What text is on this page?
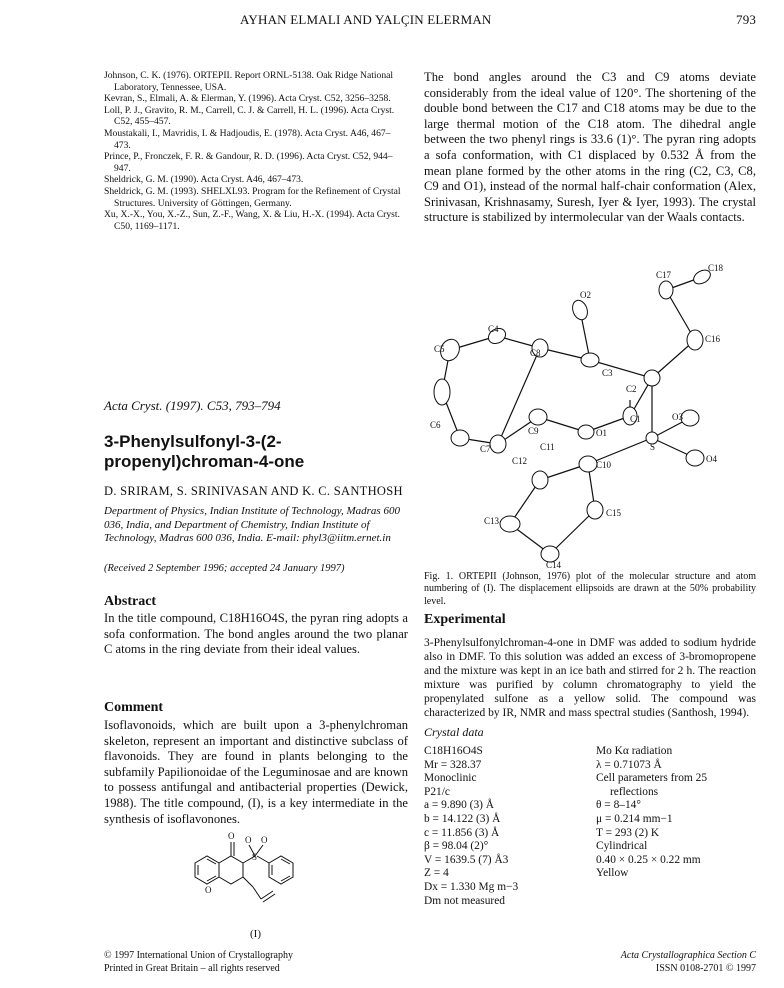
AYHAN ELMALI AND YALÇIN ELERMAN	793
Johnson, C. K. (1976). ORTEPII. Report ORNL-5138. Oak Ridge National Laboratory, Tennessee, USA.
Kevran, S., Elmali, A. & Elerman, Y. (1996). Acta Cryst. C52, 3256–3258.
Loll, P. J., Gravito, R. M., Carrell, C. J. & Carrell, H. L. (1996). Acta Cryst. C52, 455–457.
Moustakali, I., Mavridis, I. & Hadjoudis, E. (1978). Acta Cryst. A46, 467–473.
Prince, P., Fronczek, F. R. & Gandour, R. D. (1996). Acta Cryst. C52, 944–947.
Sheldrick, G. M. (1990). Acta Cryst. A46, 467–473.
Sheldrick, G. M. (1993). SHELXL93. Program for the Refinement of Crystal Structures. University of Göttingen, Germany.
Xu, X.-X., You, X.-Z., Sun, Z.-F., Wang, X. & Liu, H.-X. (1994). Acta Cryst. C50, 1169–1171.
The bond angles around the C3 and C9 atoms deviate considerably from the ideal value of 120°. The shortening of the double bond between the C17 and C18 atoms may be due to the large thermal motion of the C18 atom. The dihedral angle between the two phenyl rings is 33.6 (1)°. The pyran ring adopts a sofa conformation, with C1 displaced by 0.532 Å from the mean plane formed by the other atoms in the ring (C2, C3, C8, C9 and O1), instead of the normal half-chair conformation (Alex, Srinivasan, Krishnasamy, Suresh, Iyer & Iyer, 1993). The crystal structure is stabilized by intermolecular van der Waals contacts.
Acta Cryst. (1997). C53, 793–794
3-Phenylsulfonyl-3-(2-propenyl)chroman-4-one
D. SRIRAM, S. SRINIVASAN AND K. C. SANTHOSH
Department of Physics, Indian Institute of Technology, Madras 600 036, India, and Department of Chemistry, Indian Institute of Technology, Madras 600 036, India. E-mail: phyl3@iitm.ernet.in
(Received 2 September 1996; accepted 24 January 1997)
Abstract
In the title compound, C18H16O4S, the pyran ring adopts a sofa conformation. The bond angles around the two planar C atoms in the ring deviate from their ideal values.
Comment
Isoflavonoids, which are built upon a 3-phenylchroman skeleton, represent an important and distinctive subclass of flavonoids. They are found in plants belonging to the subfamily Papilionoidae of the Leguminosae and are known to possess antifungal and antibacterial properties (Dewick, 1988). The title compound, (I), is a key intermediate in the synthesis of isoflavonones.
O O O
S
O
(I)
© 1997 International Union of Crystallography
Printed in Great Britain – all rights reserved
C18
C17
O2
C16
C4
C3
C5	C8
C2
O3
C1
C6
C9	O1
S
C11
C7
C12	C10
O4
C13
C15
C14
Fig. 1. ORTEPII (Johnson, 1976) plot of the molecular structure and atom numbering of (I). The displacement ellipsoids are drawn at the 50% probability level.
Experimental
3-Phenylsulfonylchroman-4-one in DMF was added to sodium hydride also in DMF. To this solution was added an excess of 3-bromopropene and the mixture was kept in an ice bath and stirred for 2 h. The reaction mixture was purified by column chromatography to yield the propenylated sulfone as a yellow solid. The compound was characterized by IR, NMR and mass spectral studies (Santhosh, 1994).
Crystal data
C18H16O4S
Mr = 328.37
Monoclinic
P21/c
a = 9.890 (3) Å
b = 14.122 (3) Å
c = 11.856 (3) Å
β = 98.04 (2)°
V = 1639.5 (7) Å3
Z = 4
Dx = 1.330 Mg m−3
Dm not measured
Mo Kα radiation
λ = 0.71073 Å
Cell parameters from 25
reflections
θ = 8–14°
μ = 0.214 mm−1
T = 293 (2) K
Cylindrical
0.40 × 0.25 × 0.22 mm
Yellow
Acta Crystallographica Section C
ISSN 0108-2701 © 1997
